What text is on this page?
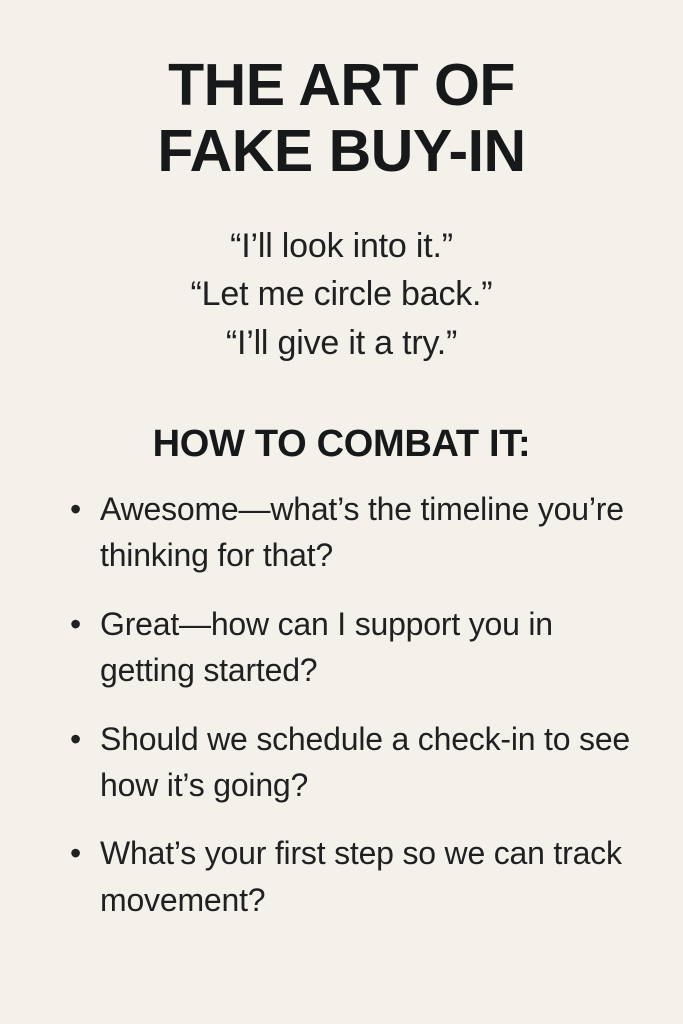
THE ART OF
FAKE BUY-IN
“I’ll look into it.”
“Let me circle back.”
“I’ll give it a try.”
HOW TO COMBAT IT:
• Awesome—what’s the timeline you’re thinking for that?
• Great—how can I support you in getting started?
• Should we schedule a check-in to see how it’s going?
• What’s your first step so we can track movement?
